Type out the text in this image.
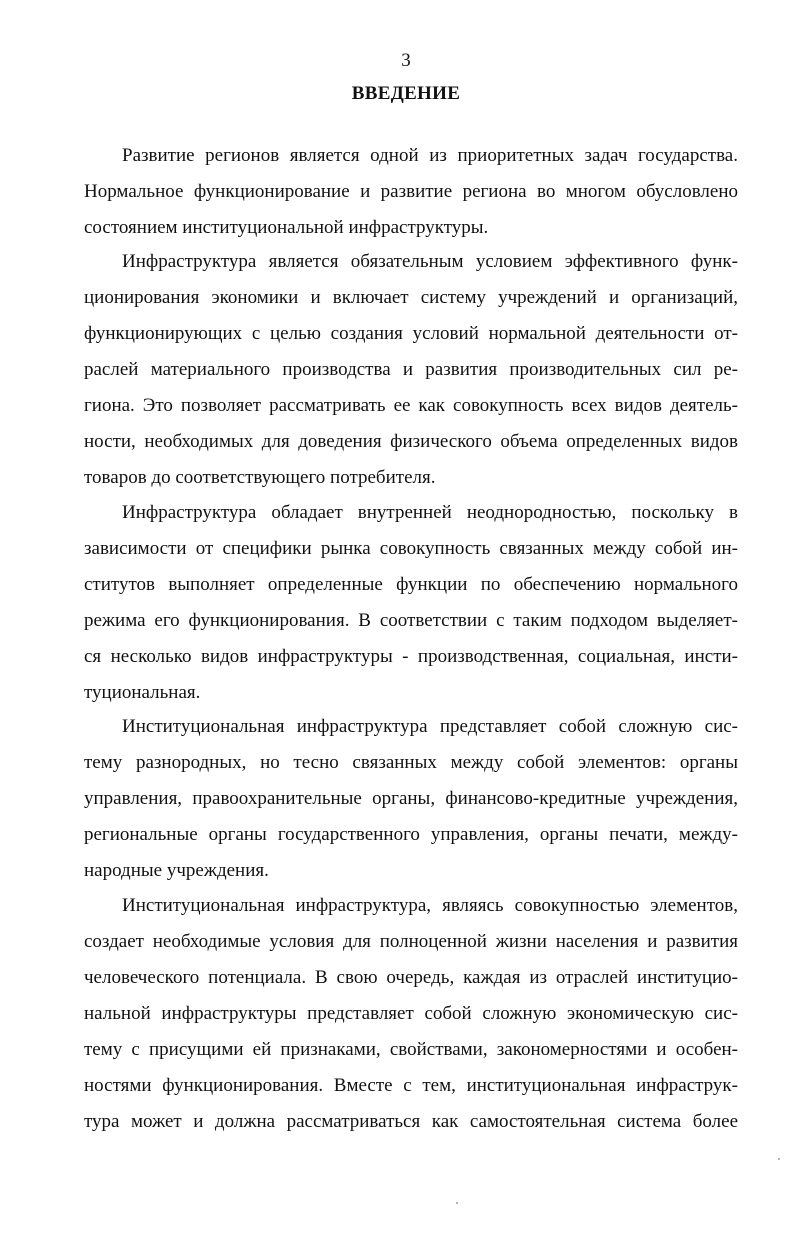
3
ВВЕДЕНИЕ
Развитие регионов является одной из приоритетных задач государства.
Нормальное функционирование и развитие региона во многом обусловлено
состоянием институциональной инфраструктуры.
Инфраструктура является обязательным условием эффективного функ-
ционирования экономики и включает систему учреждений и организаций,
функционирующих с целью создания условий нормальной деятельности от-
раслей материального производства и развития производительных сил ре-
гиона. Это позволяет рассматривать ее как совокупность всех видов деятель-
ности, необходимых для доведения физического объема определенных видов
товаров до соответствующего потребителя.
Инфраструктура обладает внутренней неоднородностью, поскольку в
зависимости от специфики рынка совокупность связанных между собой ин-
ститутов выполняет определенные функции по обеспечению нормального
режима его функционирования. В соответствии с таким подходом выделяет-
ся несколько видов инфраструктуры - производственная, социальная, инсти-
туциональная.
Институциональная инфраструктура представляет собой сложную сис-
тему разнородных, но тесно связанных между собой элементов: органы
управления, правоохранительные органы, финансово-кредитные учреждения,
региональные органы государственного управления, органы печати, между-
народные учреждения.
Институциональная инфраструктура, являясь совокупностью элементов,
создает необходимые условия для полноценной жизни населения и развития
человеческого потенциала. В свою очередь, каждая из отраслей институцио-
нальной инфраструктуры представляет собой сложную экономическую сис-
тему с присущими ей признаками, свойствами, закономерностями и особен-
ностями функционирования. Вместе с тем, институциональная инфраструк-
тура может и должна рассматриваться как самостоятельная система более
